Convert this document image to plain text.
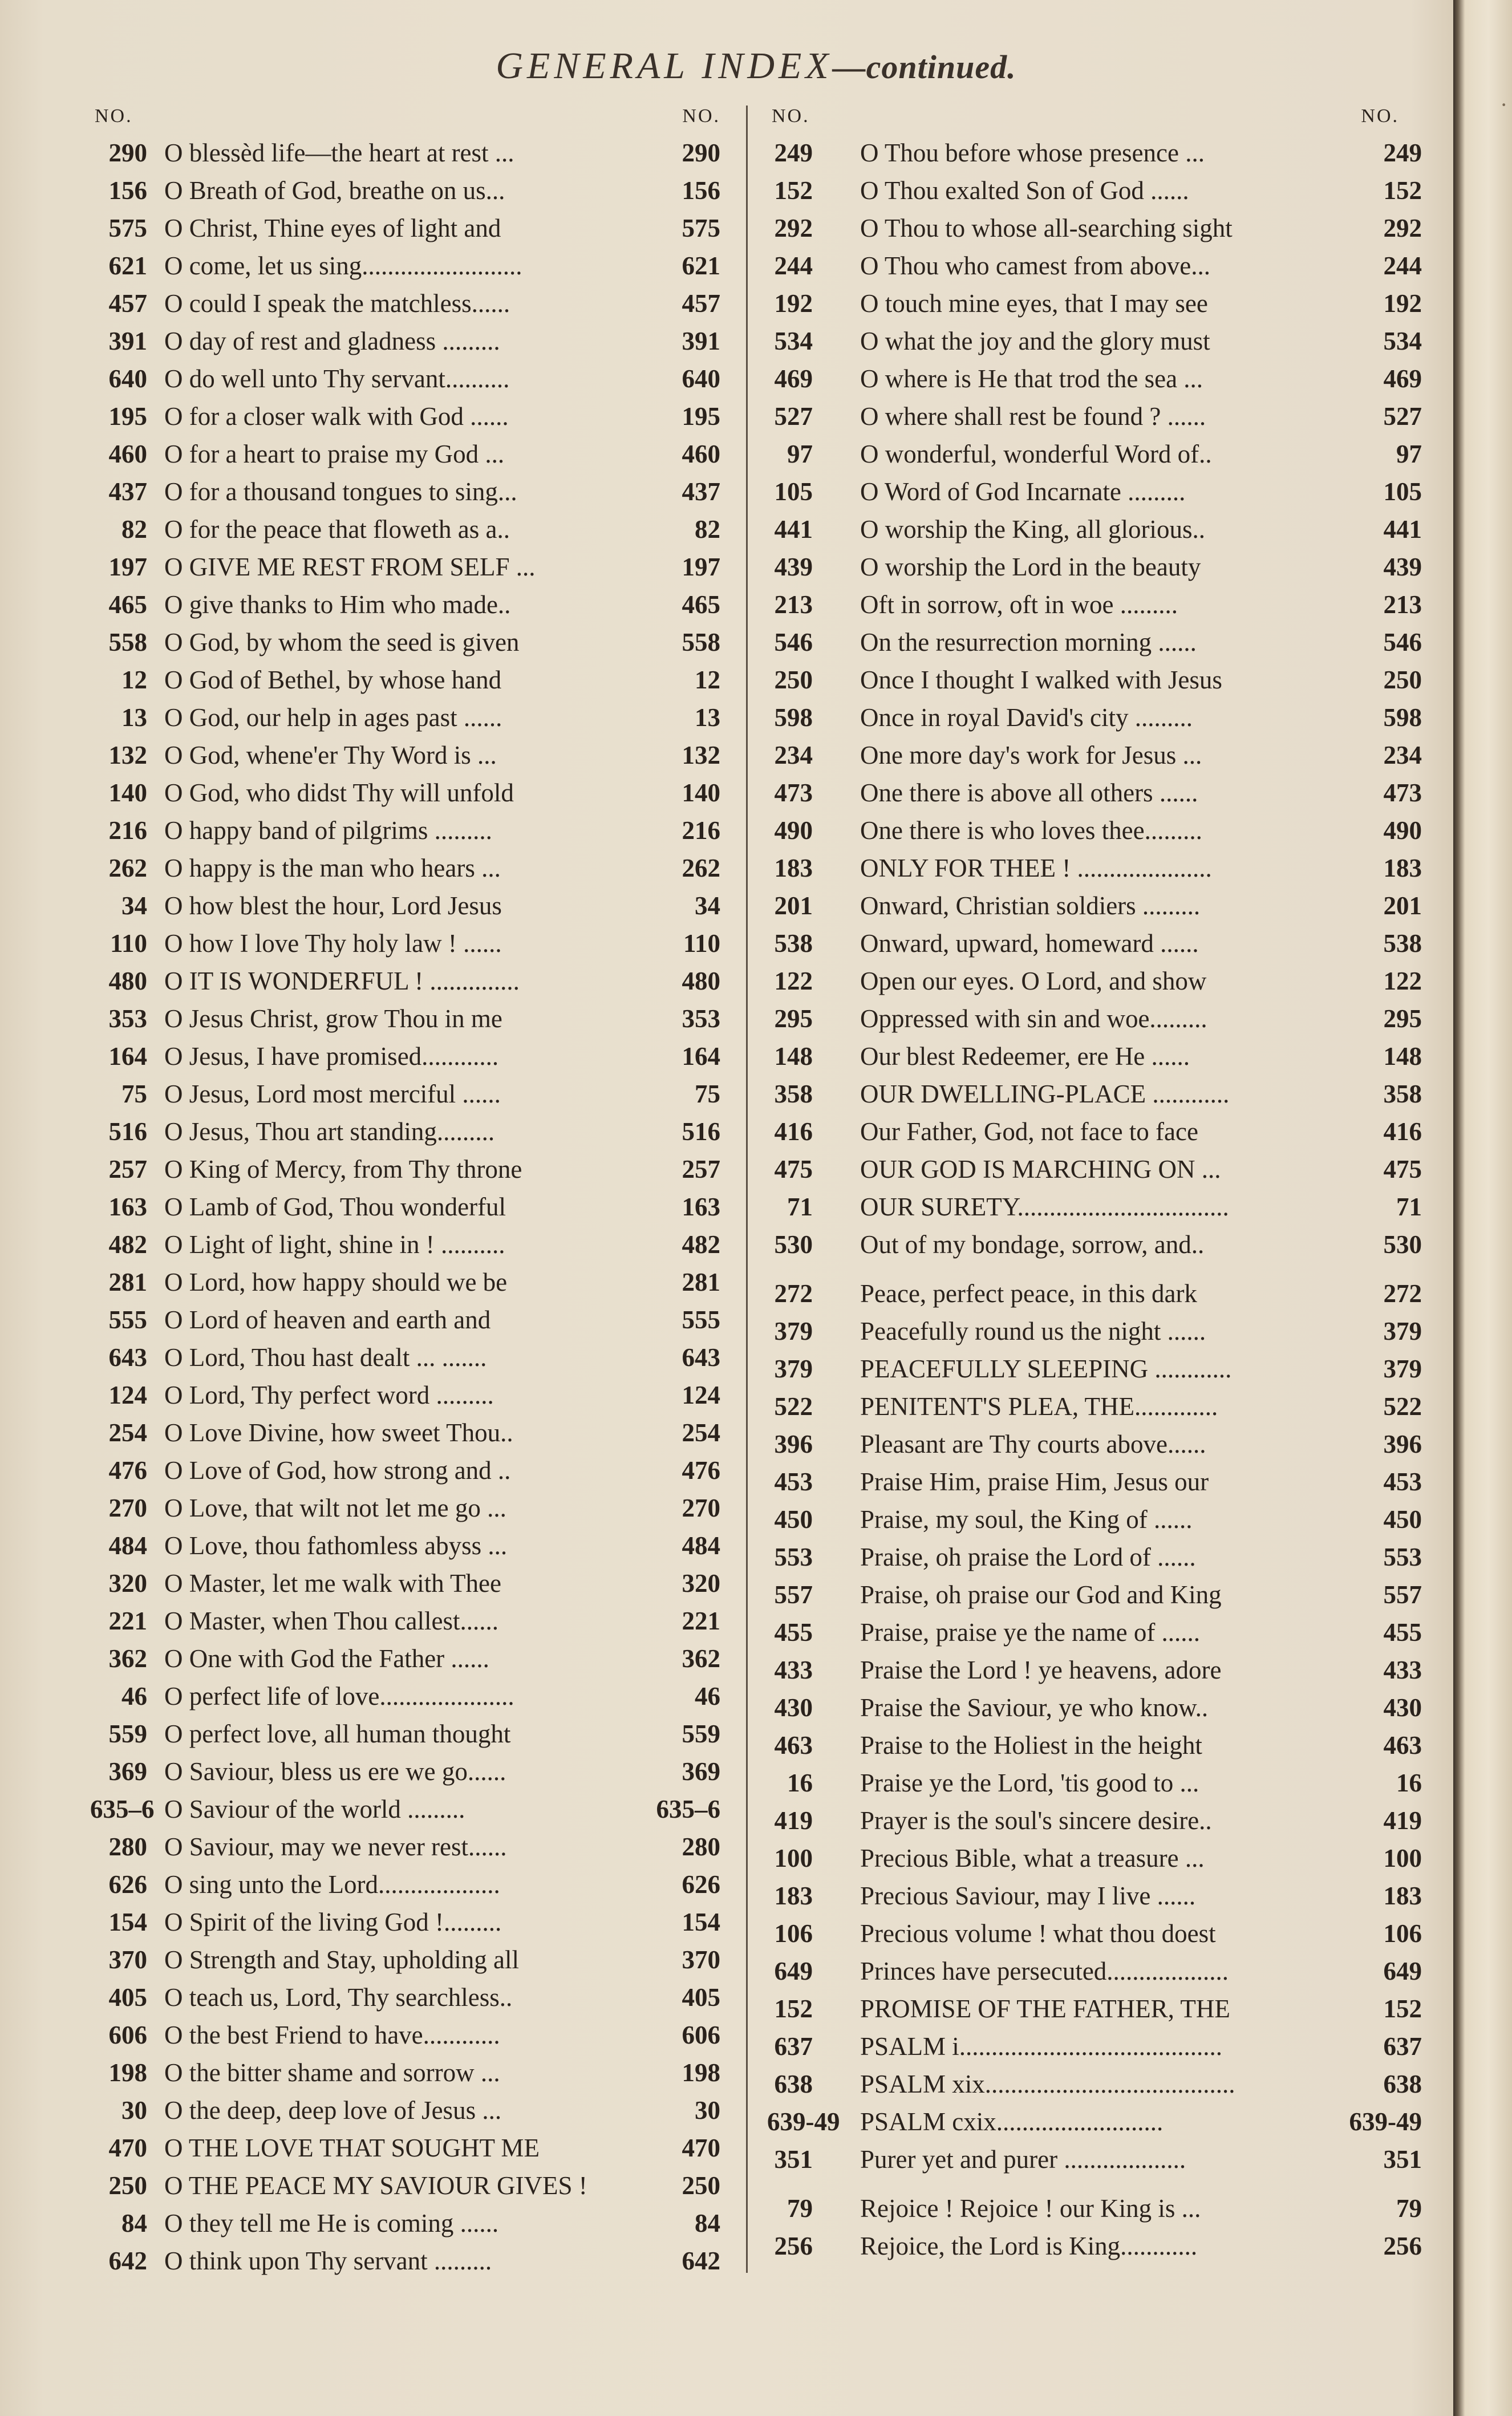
GENERAL INDEX—continued.
NO.	NO.
290 O blessèd life—the heart at rest ...	290
156 O Breath of God, breathe on us...	156
575 O Christ, Thine eyes of light and	575
621 O come, let us sing.........................	621
457 O could I speak the matchless......	457
391 O day of rest and gladness .........	391
640 O do well unto Thy servant..........	640
195 O for a closer walk with God ......	195
460 O for a heart to praise my God ...	460
437 O for a thousand tongues to sing...	437
82 O for the peace that floweth as a..	82
197 O GIVE ME REST FROM SELF ...	197
465 O give thanks to Him who made..	465
558 O God, by whom the seed is given	558
12 O God of Bethel, by whose hand	12
13 O God, our help in ages past ......	13
132 O God, whene'er Thy Word is ...	132
140 O God, who didst Thy will unfold	140
216 O happy band of pilgrims .........	216
262 O happy is the man who hears ...	262
34 O how blest the hour, Lord Jesus	34
110 O how I love Thy holy law ! ......	110
480 O IT IS WONDERFUL ! ..............	480
353 O Jesus Christ, grow Thou in me	353
164 O Jesus, I have promised............	164
75 O Jesus, Lord most merciful ......	75
516 O Jesus, Thou art standing.........	516
257 O King of Mercy, from Thy throne	257
163 O Lamb of God, Thou wonderful	163
482 O Light of light, shine in ! ..........	482
281 O Lord, how happy should we be	281
555 O Lord of heaven and earth and	555
643 O Lord, Thou hast dealt ... .......	643
124 O Lord, Thy perfect word .........	124
254 O Love Divine, how sweet Thou..	254
476 O Love of God, how strong and ..	476
270 O Love, that wilt not let me go ...	270
484 O Love, thou fathomless abyss ...	484
320 O Master, let me walk with Thee	320
221 O Master, when Thou callest......	221
362 O One with God the Father ......	362
46 O perfect life of love.....................	46
559 O perfect love, all human thought	559
369 O Saviour, bless us ere we go......	369
635–6 O Saviour of the world .........	635–6
280 O Saviour, may we never rest......	280
626 O sing unto the Lord...................	626
154 O Spirit of the living God !.........	154
370 O Strength and Stay, upholding all	370
405 O teach us, Lord, Thy searchless..	405
606 O the best Friend to have............	606
198 O the bitter shame and sorrow ...	198
30 O the deep, deep love of Jesus ...	30
470 O THE LOVE THAT SOUGHT ME	470
250 O THE PEACE MY SAVIOUR GIVES !	250
84 O they tell me He is coming ......	84
642 O think upon Thy servant .........	642
NO.	NO.
249 O Thou before whose presence ...	249
152 O Thou exalted Son of God ......	152
292 O Thou to whose all-searching sight	292
244 O Thou who camest from above...	244
192 O touch mine eyes, that I may see	192
534 O what the joy and the glory must	534
469 O where is He that trod the sea ...	469
527 O where shall rest be found ? ......	527
97 O wonderful, wonderful Word of..	97
105 O Word of God Incarnate .........	105
441 O worship the King, all glorious..	441
439 O worship the Lord in the beauty	439
213 Oft in sorrow, oft in woe .........	213
546 On the resurrection morning ......	546
250 Once I thought I walked with Jesus	250
598 Once in royal David's city .........	598
234 One more day's work for Jesus ...	234
473 One there is above all others ......	473
490 One there is who loves thee.........	490
183 ONLY FOR THEE ! .....................	183
201 Onward, Christian soldiers .........	201
538 Onward, upward, homeward ......	538
122 Open our eyes. O Lord, and show	122
295 Oppressed with sin and woe.........	295
148 Our blest Redeemer, ere He ......	148
358 OUR DWELLING-PLACE ............	358
416 Our Father, God, not face to face	416
475 OUR GOD IS MARCHING ON ...	475
71 OUR SURETY.................................	71
530 Out of my bondage, sorrow, and..	530
272 Peace, perfect peace, in this dark	272
379 Peacefully round us the night ......	379
379 PEACEFULLY SLEEPING ............	379
522 PENITENT'S PLEA, THE.............	522
396 Pleasant are Thy courts above......	396
453 Praise Him, praise Him, Jesus our	453
450 Praise, my soul, the King of ......	450
553 Praise, oh praise the Lord of ......	553
557 Praise, oh praise our God and King	557
455 Praise, praise ye the name of ......	455
433 Praise the Lord ! ye heavens, adore	433
430 Praise the Saviour, ye who know..	430
463 Praise to the Holiest in the height	463
16 Praise ye the Lord, 'tis good to ...	16
419 Prayer is the soul's sincere desire..	419
100 Precious Bible, what a treasure ...	100
183 Precious Saviour, may I live ......	183
106 Precious volume ! what thou doest	106
649 Princes have persecuted...................	649
152 PROMISE OF THE FATHER, THE	152
637 PSALM i.........................................	637
638 PSALM xix.......................................	638
639-49 PSALM cxix..........................	639-49
351 Purer yet and purer ...................	351
79 Rejoice ! Rejoice ! our King is ...	79
256 Rejoice, the Lord is King............	256
·
